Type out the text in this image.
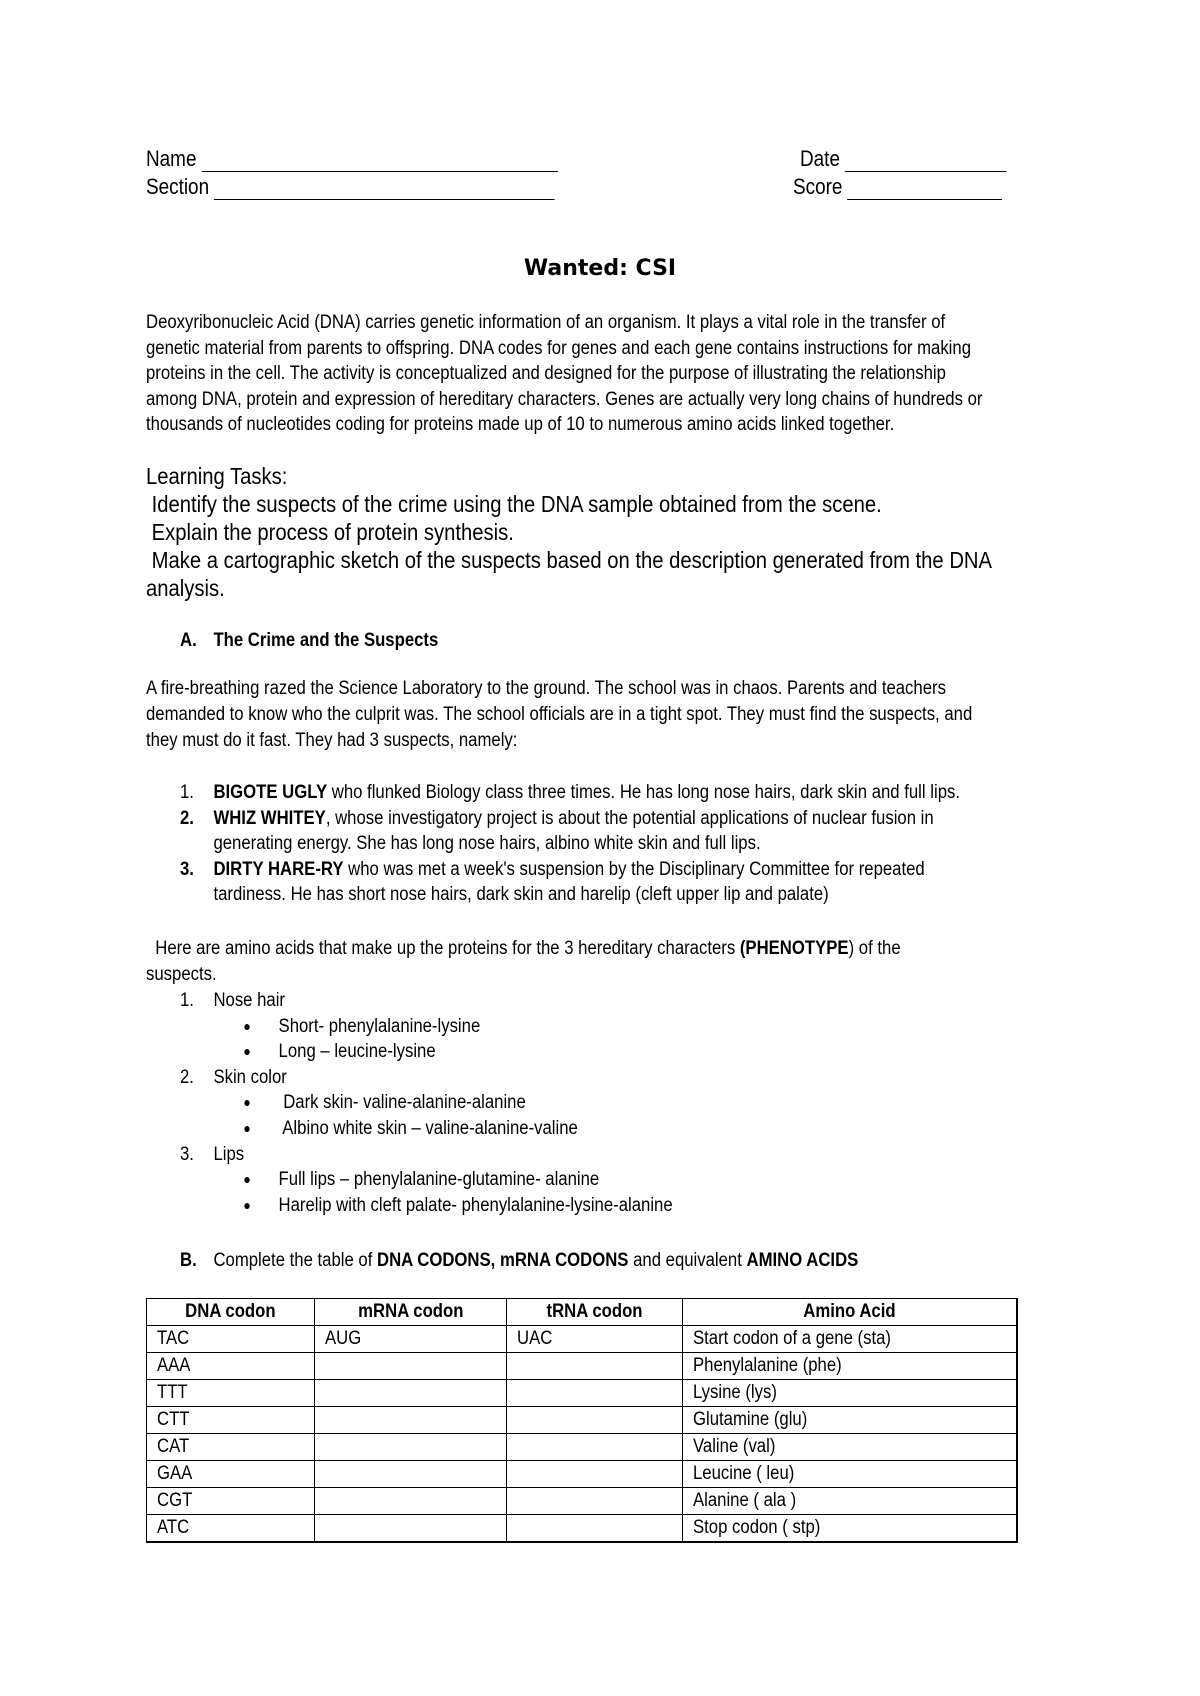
Name	Date
Section	Score
Wanted: CSI
Deoxyribonucleic Acid (DNA) carries genetic information of an organism. It plays a vital role in the transfer of
genetic material from parents to offspring. DNA codes for genes and each gene contains instructions for making
proteins in the cell. The activity is conceptualized and designed for the purpose of illustrating the relationship
among DNA, protein and expression of hereditary characters. Genes are actually very long chains of hundreds or
thousands of nucleotides coding for proteins made up of 10 to numerous amino acids linked together.
Learning Tasks:
Identify the suspects of the crime using the DNA sample obtained from the scene.
Explain the process of protein synthesis.
Make a cartographic sketch of the suspects based on the description generated from the DNA
analysis.
A. The Crime and the Suspects
A fire-breathing razed the Science Laboratory to the ground. The school was in chaos. Parents and teachers
demanded to know who the culprit was. The school officials are in a tight spot. They must find the suspects, and
they must do it fast. They had 3 suspects, namely:
1. BIGOTE UGLY who flunked Biology class three times. He has long nose hairs, dark skin and full lips.
2. WHIZ WHITEY, whose investigatory project is about the potential applications of nuclear fusion in
generating energy. She has long nose hairs, albino white skin and full lips.
3. DIRTY HARE-RY who was met a week's suspension by the Disciplinary Committee for repeated
tardiness. He has short nose hairs, dark skin and harelip (cleft upper lip and palate)
Here are amino acids that make up the proteins for the 3 hereditary characters (PHENOTYPE) of the
suspects.
1. Nose hair
● Short- phenylalanine-lysine
● Long – leucine-lysine
2. Skin color
● Dark skin- valine-alanine-alanine
● Albino white skin – valine-alanine-valine
3. Lips
● Full lips – phenylalanine-glutamine- alanine
● Harelip with cleft palate- phenylalanine-lysine-alanine
B. Complete the table of DNA CODONS, mRNA CODONS and equivalent AMINO ACIDS
DNA codon	mRNA codon	tRNA codon	Amino Acid
TAC	AUG	UAC	Start codon of a gene (sta)
AAA			Phenylalanine (phe)
TTT			Lysine (lys)
CTT			Glutamine (glu)
CAT			Valine (val)
GAA			Leucine ( leu)
CGT			Alanine ( ala )
ATC			Stop codon ( stp)
